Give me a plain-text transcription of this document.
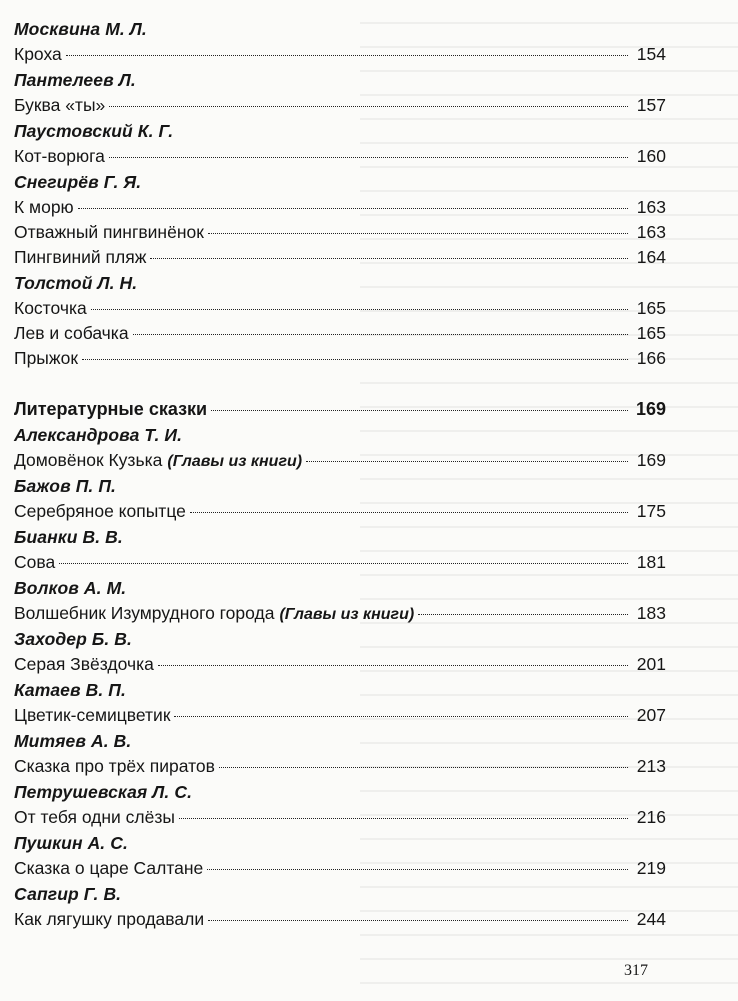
Москвина М. Л.
Кроха	154
Пантелеев Л.
Буква «ты»	157
Паустовский К. Г.
Кот-ворюга	160
Снегирёв Г. Я.
К морю	163
Отважный пингвинёнок	163
Пингвиний пляж	164
Толстой Л. Н.
Косточка	165
Лев и собачка	165
Прыжок	166
Литературные сказки	169
Александрова Т. И.
Домовёнок Кузька (Главы из книги)	169
Бажов П. П.
Серебряное копытце	175
Бианки В. В.
Сова	181
Волков А. М.
Волшебник Изумрудного города (Главы из книги)	183
Заходер Б. В.
Серая Звёздочка	201
Катаев В. П.
Цветик-семицветик	207
Митяев А. В.
Сказка про трёх пиратов	213
Петрушевская Л. С.
От тебя одни слёзы	216
Пушкин А. С.
Сказка о царе Салтане	219
Сапгир Г. В.
Как лягушку продавали	244
317
